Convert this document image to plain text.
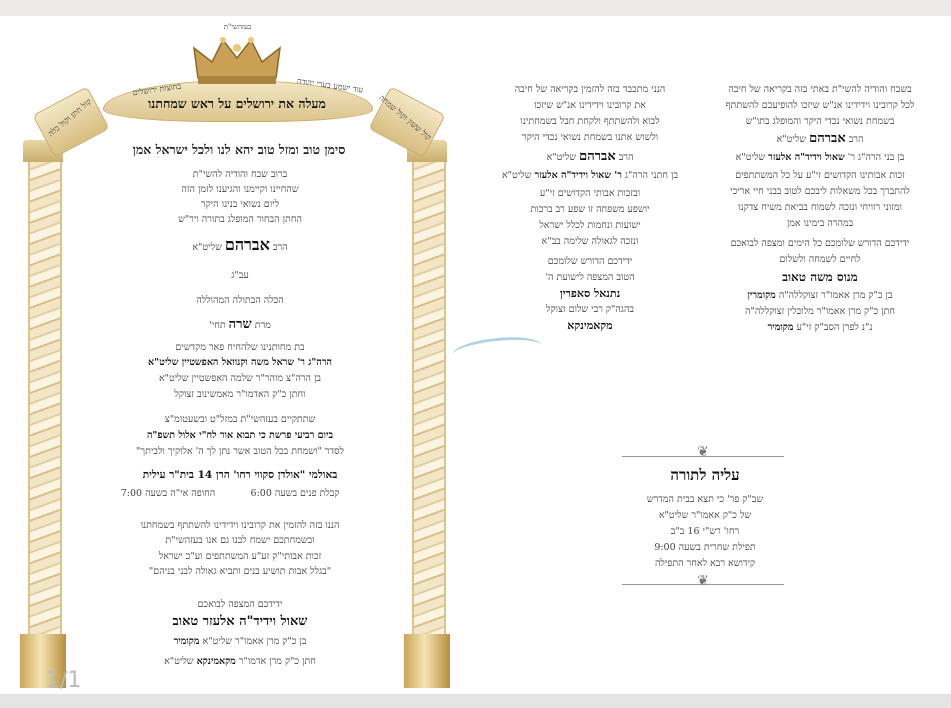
קול חתן וקול כלה	קול ששון וקול שמחה
בחוצות ירושלים	עוד ישמע בערי יהודה
מעלה את ירושלים על ראש שמחתנו
בעזהשי"ת
סימן טוב ומזל טוב יהא לנו ולכל ישראל אמן
ברוב שבח והודיה להשי"ת
שהחיינו וקיימנו והגיענו לזמן הזה
ליום נשואי בנינו היקר
החתן הבחור המופלג בתורה ויר"ש
הרב אברהם שליט"א
עב"ג
הכלה הבתולה המהוללה
מרת שרה תחי'
בת מחותנינו שלהחיח פאר מקדשים
הרה"ג ר' שראל משה וקנוואל האפשטיין שליט"א
בן הרה"צ מוהר"ר שלמה האפשטיין שליט"א
וחתן כ"ק האדמו"ר מאמשינוב זצוקל
שתתקיים בעזהשי"ת במזל"ט ובשעטומ"צ
ביום רביעי פרשת כי תבוא אור לח"י אלול תשפ"ה
לסדר "ושמחת בכל הטוב אשר נתן לך ה' אלוקיך ולביתך"
באולמי "אולדן סקווי רחו' הרן 14 בית"ר עילית
קבלת פנים בשעה 6:00
החופה אי"ה בשעה 7:00
הננו בזה להזמין את קרובינו וידידינו להשתתף בשמחתנו
ובשמחתכם ישמח לבנו גם אנו בעזהשי"ת
זכות אבותי"ק זע"ע המשתתפים וע"כ ישראל
"בגלל אבות תושיע בנים ותביא גאולה לבני בניהם"
ידידכם המצפה לבואכם
שאול וידיד"ה אלעזר טאוב
בן כ"ק מרן אאמו"ר שליט"א מקומיר
חתן כ"ק מרן אדמו"ר מקאמינקא שליט"א
בשבח והודיה להשי"ת באתי בזה בקריאה של חיבה
לכל קרובינו וידידינו אנ"ש שיזכו להופיעכם להשתתף
בשמחת נשואי נכדי היקר והמופלג בתו"ש
הרב אברהם שליט"א
בן בני הרה"ג ר' שאול וידיד"ה אלעזר שליט"א
זכות אבותינו הקדושים זי"ע על כל המשתתפים
להתברך בכל משאלות ליבכם לטוב בבני חיי אריכי
ומזוני רוויחי ונזכה לשמוח בביאת משיח צדקנו
במהרה בימינו אמן
ידידכם הדורש שלומכם כל הימים ומצפה לבואכם
לחיים לשמחה ולשלום
מנוס משה טאוב
בן כ"ק מרן אאמו"ר זצוקללה"ה מקומרין
חתן כ"ק מרן אאמו"ר מלובלין זצוקללה"ה
נ"נ לפרן הסב"ק זי"ע מקומיר
הנני מתכבד בזה להזמין בקריאה של חיבה
את קרובינו וידידינו אנ"ש שיזכו
לבוא ולהשתתף ולקחת חבל בשמחתינו
ולשוש אתנו בשמחת נשואי נכדי היקר
הרב אברהם שליט"א
בן חתני הרה"ג ר' שאול וידיד"ה אלעזר שליט"א
ובזכות אבותי הקדושים זי"ע
יושפע משפחה זו שפע רב ברכות
ישועות ונחמות לכלל ישראל
ונזכה לגאולה שלימה בב"א
ידידכם הדורש שלומכם
הטוב המצפה לישועת ה'
נתנאל סאפרין
בהגה"ק רבי שלום זצוקל
מקאמינקא
❦
עליה לתורה
שב"ק פר' כי תצא בבית המדרש
של כ"ק אאמו"ר שליט"א
רחו' רש"י 16 ב"ב
תפילת שחרית בשעה 9:00
קידושא רבא לאחר התפילה
❦
1/1
